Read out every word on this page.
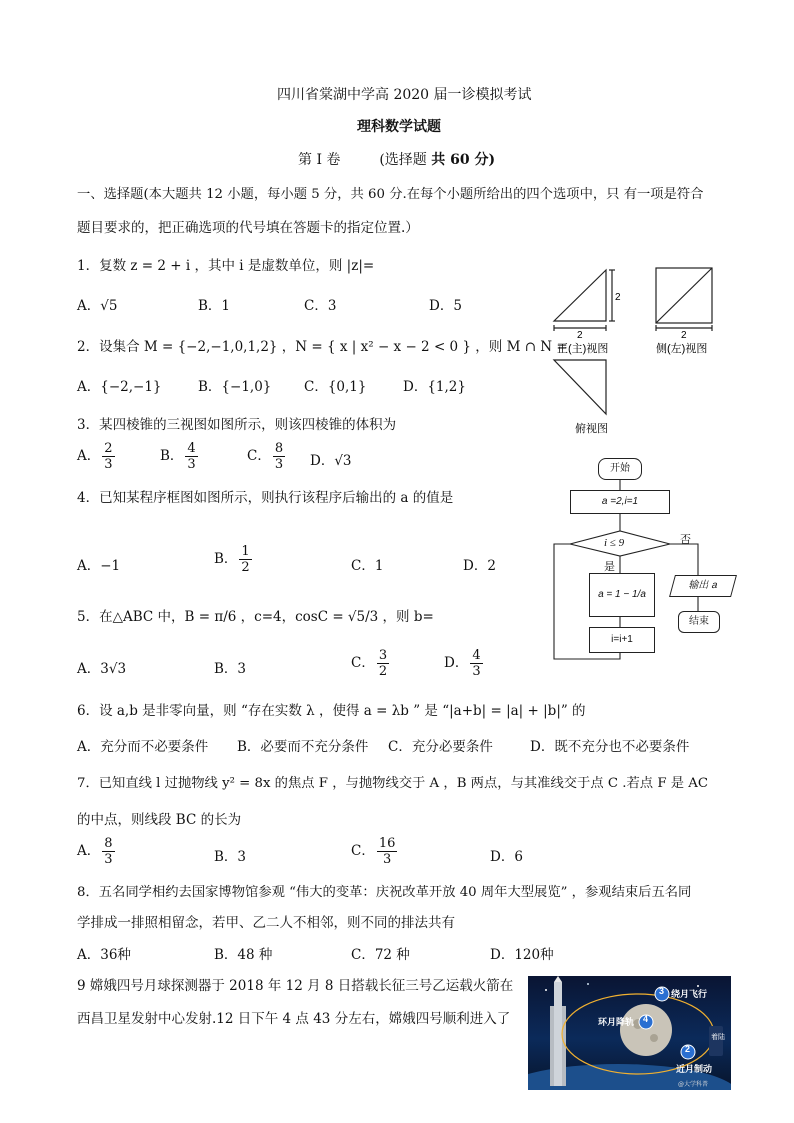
四川省棠湖中学高 2020 届一诊模拟考试
理科数学试题
第 I 卷	(选择题 共 60 分)
一、选择题(本大题共 12 小题，每小题 5 分，共 60 分.在每个小题所给出的四个选项中，只 有一项是符合
题目要求的，把正确选项的代号填在答题卡的指定位置.）
1．复数 z = 2 + i ，其中 i 是虚数单位，则 |z|=
A．√5	B．1	C．3	D．5
2．设集合 M = {−2,−1,0,1,2} ，N = { x | x² − x − 2 < 0 } ，则 M ∩ N =
A．{−2,−1}	B．{−1,0} C．{0,1}	D．{1,2}
3．某四棱锥的三视图如图所示，则该四棱锥的体积为
A． $\frac{2}{3}$	B． $\frac{4}{3}$	C． $\frac{8}{3}$ D．√3
4．已知某程序框图如图所示，则执行该程序后输出的 a 的值是
A．−1	B． $\frac{1}{2}$	C．1	D．2
5．在△ABC 中，B = π/6 ，c=4，cosC = √5/3 ，则 b=
A．3√3	B．3	C． $\frac{3}{2}$	D． $\frac{4}{3}$
6．设 a,b 是非零向量，则 “存在实数 λ ，使得 a = λb ” 是 “|a+b| = |a| + |b|” 的
A．充分而不必要条件 B．必要而不充分条件 C．充分必要条件	D．既不充分也不必要条件
7．已知直线 l 过抛物线 y² = 8x 的焦点 F ，与抛物线交于 A ，B 两点，与其准线交于点 C .若点 F 是 AC
的中点，则线段 BC 的长为
A． $\frac{8}{3}$	B．3	C． $\frac{16}{3}$	D．6
8．五名同学相约去国家博物馆参观 “伟大的变革：庆祝改革开放 40 周年大型展览” ，参观结束后五名同
学排成一排照相留念，若甲、乙二人不相邻，则不同的排法共有
A．36种	B．48 种	C．72 种	D．120种
9 嫦娥四号月球探测器于 2018 年 12 月 8 日搭载长征三号乙运载火箭在
西昌卫星发射中心发射.12 日下午 4 点 43 分左右，嫦娥四号顺利进入了
2
2
正(主)视图
2
侧(左)视图
俯视图
开始
a =2,i=1
i ≤ 9	否
是
a = 1 − 1/a
i=i+1
输出 a
结束
3
4
2
绕月飞行
环月降轨
近月制动
着陆
@大学科普
